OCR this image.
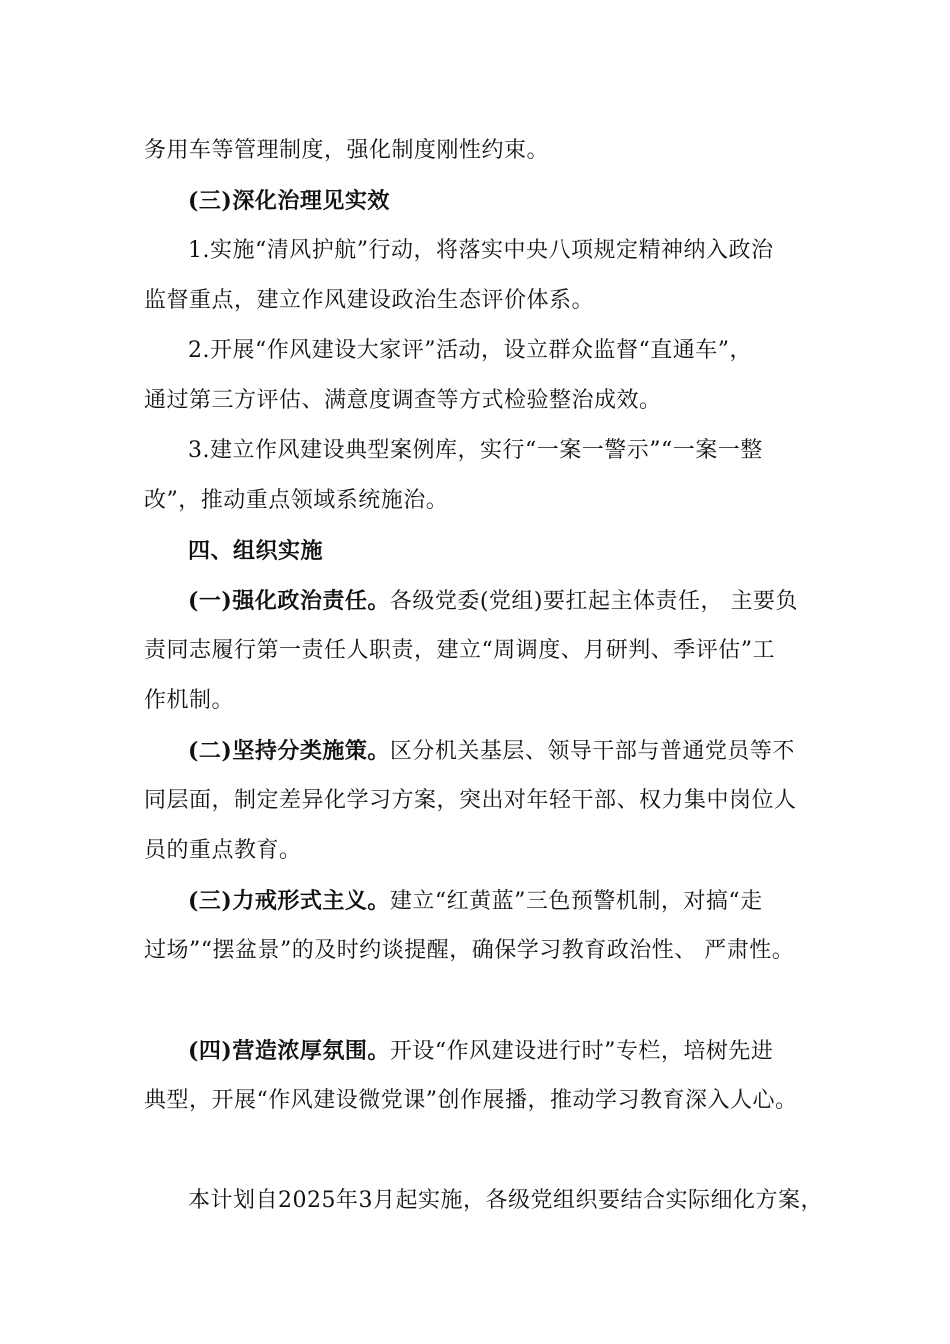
务用车等管理制度，强化制度刚性约束。
(三)深化治理见实效
1.实施“清风护航”行动，将落实中央八项规定精神纳入政治
监督重点，建立作风建设政治生态评价体系。
2.开展“作风建设大家评”活动，设立群众监督“直通车”，
通过第三方评估、满意度调查等方式检验整治成效。
3.建立作风建设典型案例库，实行“一案一警示”“一案一整
改”，推动重点领域系统施治。
四、组织实施
(一)强化政治责任。各级党委(党组)要扛起主体责任， 主要负
责同志履行第一责任人职责，建立“周调度、月研判、季评估”工
作机制。
(二)坚持分类施策。区分机关基层、领导干部与普通党员等不
同层面，制定差异化学习方案，突出对年轻干部、权力集中岗位人
员的重点教育。
(三)力戒形式主义。建立“红黄蓝”三色预警机制，对搞“走
过场”“摆盆景”的及时约谈提醒，确保学习教育政治性、 严肃性。
(四)营造浓厚氛围。开设“作风建设进行时”专栏，培树先进
典型，开展“作风建设微党课”创作展播，推动学习教育深入人心。
本计划自2025年3月起实施，各级党组织要结合实际细化方案，
